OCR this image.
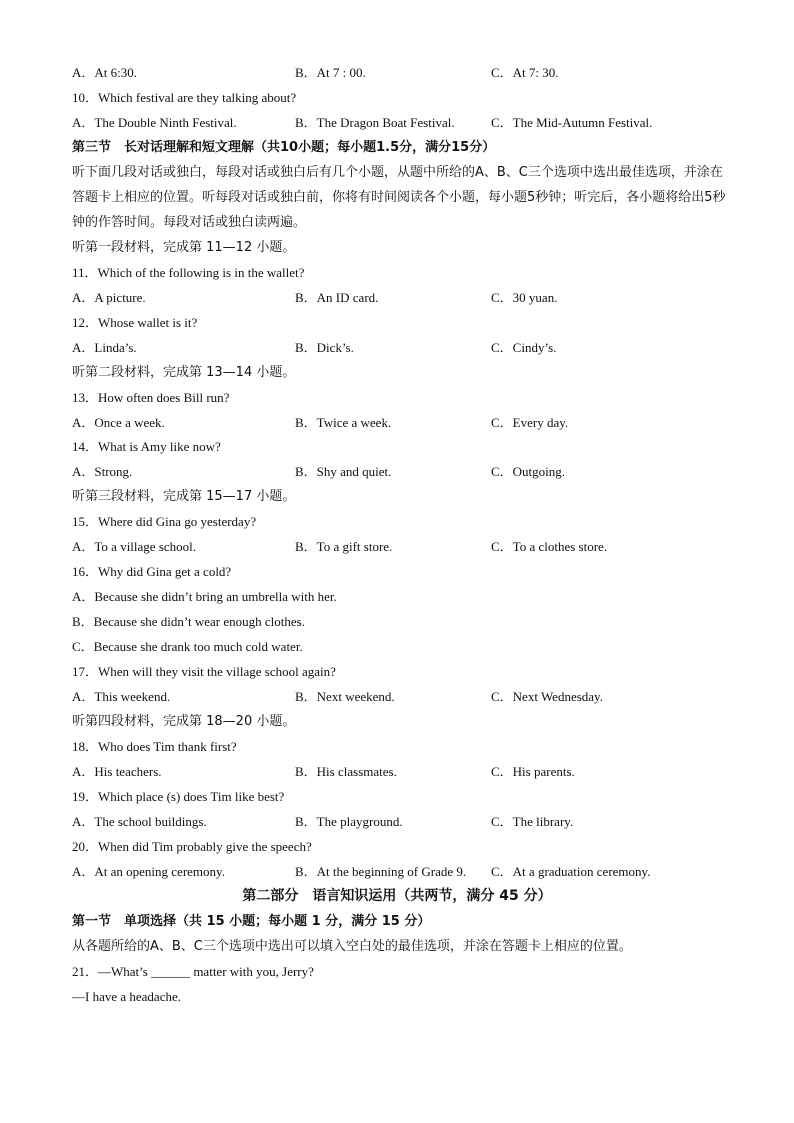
A．At 6:30.	B．At 7 : 00.	C．At 7: 30.
10．Which festival are they talking about?
A．The Double Ninth Festival.	B．The Dragon Boat Festival.	C．The Mid-Autumn Festival.
第三节　长对话理解和短文理解（共10小题；每小题1.5分，满分15分）
听下面几段对话或独白，每段对话或独白后有几个小题，从题中所给的A、B、C三个选项中选出最佳选项，并涂在答题卡上相应的位置。听每段对话或独白前，你将有时间阅读各个小题，每小题5秒钟；听完后，各小题将给出5秒钟的作答时间。每段对话或独白读两遍。
听第一段材料，完成第 11—12 小题。
11．Which of the following is in the wallet?
A．A picture.	B．An ID card.	C．30 yuan.
12．Whose wallet is it?
A．Linda’s.	B．Dick’s.	C．Cindy’s.
听第二段材料，完成第 13—14 小题。
13．How often does Bill run?
A．Once a week.	B．Twice a week.	C．Every day.
14．What is Amy like now?
A．Strong.	B．Shy and quiet.	C．Outgoing.
听第三段材料，完成第 15—17 小题。
15．Where did Gina go yesterday?
A．To a village school.	B．To a gift store.	C．To a clothes store.
16．Why did Gina get a cold?
A．Because she didn’t bring an umbrella with her.
B．Because she didn’t wear enough clothes.
C．Because she drank too much cold water.
17．When will they visit the village school again?
A．This weekend.	B．Next weekend.	C．Next Wednesday.
听第四段材料，完成第 18—20 小题。
18．Who does Tim thank first?
A．His teachers.	B．His classmates.	C．His parents.
19．Which place (s) does Tim like best?
A．The school buildings.	B．The playground.	C．The library.
20．When did Tim probably give the speech?
A．At an opening ceremony.	B．At the beginning of Grade 9. C．At a graduation ceremony.
第二部分　语言知识运用（共两节，满分 45 分）
第一节　单项选择（共 15 小题；每小题 1 分，满分 15 分）
从各题所给的A、B、C三个选项中选出可以填入空白处的最佳选项，并涂在答题卡上相应的位置。
21．—What’s ______ matter with you, Jerry?
—I have a headache.
